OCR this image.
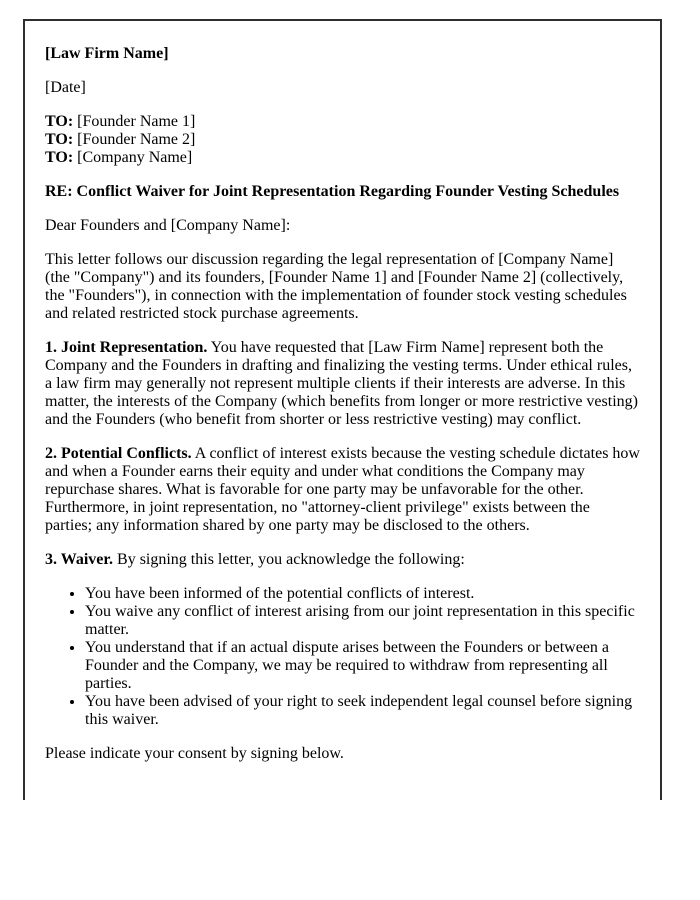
[Law Firm Name]

[Date]

TO: [Founder Name 1]
TO: [Founder Name 2]
TO: [Company Name]

RE: Conflict Waiver for Joint Representation Regarding Founder Vesting Schedules

Dear Founders and [Company Name]:

This letter follows our discussion regarding the legal representation of [Company Name] (the "Company") and its founders, [Founder Name 1] and [Founder Name 2] (collectively, the "Founders"), in connection with the implementation of founder stock vesting schedules and related restricted stock purchase agreements.

1. Joint Representation. You have requested that [Law Firm Name] represent both the Company and the Founders in drafting and finalizing the vesting terms. Under ethical rules, a law firm may generally not represent multiple clients if their interests are adverse. In this matter, the interests of the Company (which benefits from longer or more restrictive vesting) and the Founders (who benefit from shorter or less restrictive vesting) may conflict.

2. Potential Conflicts. A conflict of interest exists because the vesting schedule dictates how and when a Founder earns their equity and under what conditions the Company may repurchase shares. What is favorable for one party may be unfavorable for the other. Furthermore, in joint representation, no "attorney-client privilege" exists between the parties; any information shared by one party may be disclosed to the others.

3. Waiver. By signing this letter, you acknowledge the following:

• You have been informed of the potential conflicts of interest.
• You waive any conflict of interest arising from our joint representation in this specific matter.
• You understand that if an actual dispute arises between the Founders or between a Founder and the Company, we may be required to withdraw from representing all parties.
• You have been advised of your right to seek independent legal counsel before signing this waiver.

Please indicate your consent by signing below.
